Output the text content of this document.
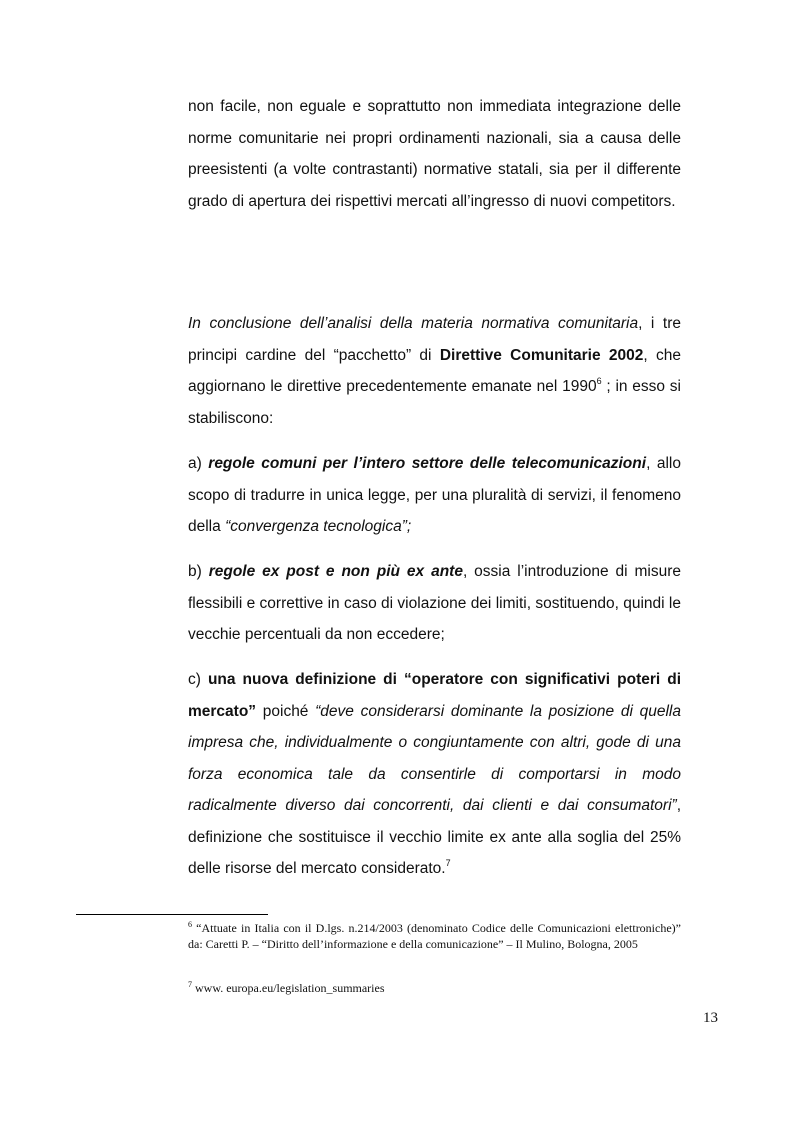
non facile, non eguale e soprattutto non immediata integrazione delle norme comunitarie nei propri ordinamenti nazionali, sia a causa delle preesistenti (a volte contrastanti) normative statali, sia per il differente grado di apertura dei rispettivi mercati all’ingresso di nuovi competitors.

In conclusione dell’analisi della materia normativa comunitaria, i tre principi cardine del “pacchetto” di Direttive Comunitarie 2002, che aggiornano le direttive precedentemente emanate nel 1990$^6$ ; in esso si stabiliscono:

a) regole comuni per l’intero settore delle telecomunicazioni, allo scopo di tradurre in unica legge, per una pluralità di servizi, il fenomeno della “convergenza tecnologica”;

b) regole ex post e non più ex ante, ossia l’introduzione di misure flessibili e correttive in caso di violazione dei limiti, sostituendo, quindi le vecchie percentuali da non eccedere;

c) una nuova definizione di “operatore con significativi poteri di mercato” poiché “deve considerarsi dominante la posizione di quella impresa che, individualmente o congiuntamente con altri, gode di una forza economica tale da consentirle di comportarsi in modo radicalmente diverso dai concorrenti, dai clienti e dai consumatori”, definizione che sostituisce il vecchio limite ex ante alla soglia del 25% delle risorse del mercato considerato.$^7$

$^6$ “Attuate in Italia con il D.lgs. n.214/2003 (denominato Codice delle Comunicazioni elettroniche)” da: Caretti P. – “Diritto dell’informazione e della comunicazione” – Il Mulino, Bologna, 2005
$^7$ www. europa.eu/legislation_summaries
13
